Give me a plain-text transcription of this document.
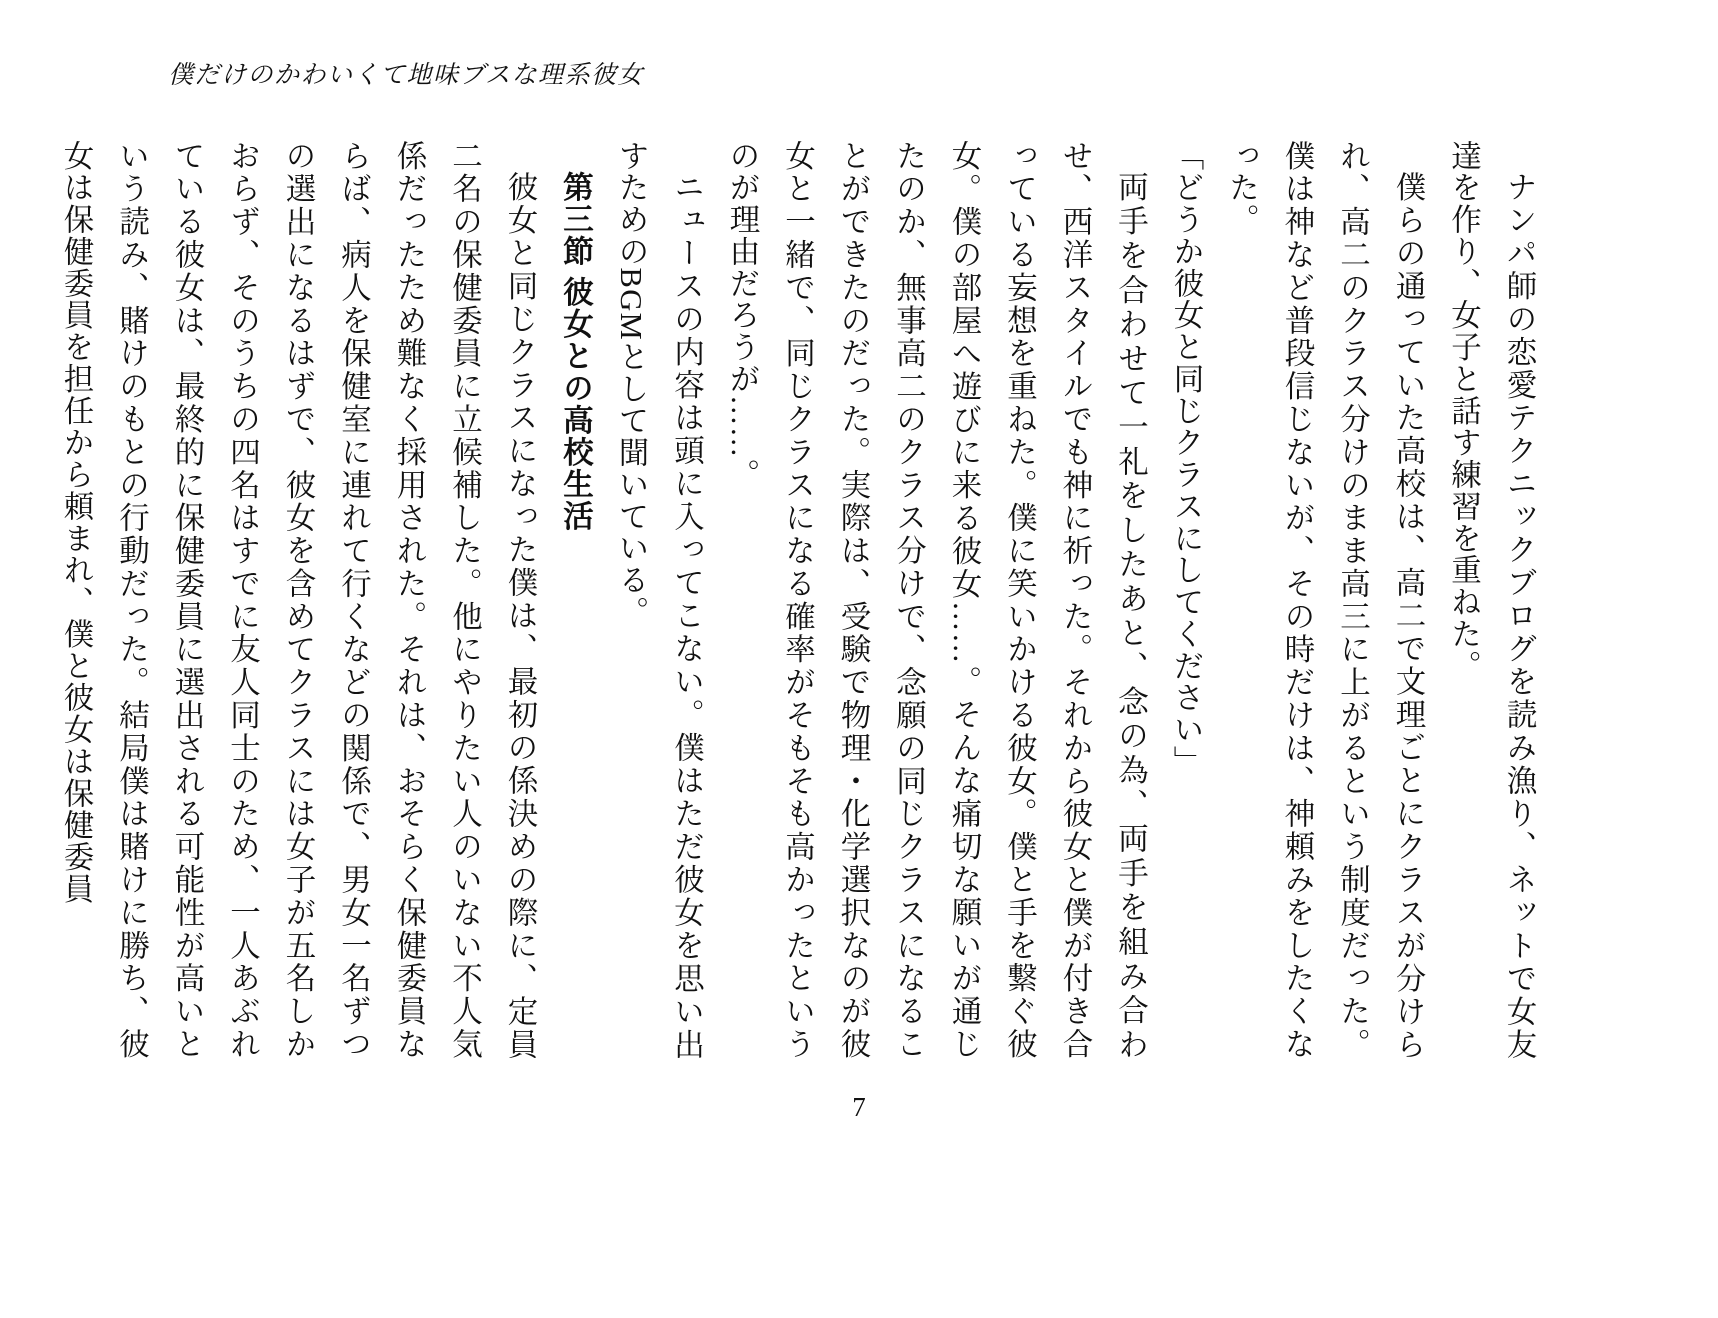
僕だけのかわいくて地味ブスな理系彼女

ナンパ師の恋愛テクニックブログを読み漁り、ネットで女友達を作り、女子と話す練習を重ねた。

僕らの通っていた高校は、高二で文理ごとにクラスが分けられ、高二のクラス分けのまま高三に上がるという制度だった。僕は神など普段信じないが、その時だけは、神頼みをしたくなった。

「どうか彼女と同じクラスにしてください」

両手を合わせて一礼をしたあと、念の為、両手を組み合わせ、西洋スタイルでも神に祈った。それから彼女と僕が付き合っている妄想を重ねた。僕に笑いかける彼女。僕と手を繋ぐ彼女。僕の部屋へ遊びに来る彼女……。そんな痛切な願いが通じたのか、無事高二のクラス分けで、念願の同じクラスになることができたのだった。実際は、受験で物理・化学選択なのが彼女と一緒で、同じクラスになる確率がそもそも高かったというのが理由だろうが……。

ニュースの内容は頭に入ってこない。僕はただ彼女を思い出すためのBGMとして聞いている。

第三節 彼女との高校生活

彼女と同じクラスになった僕は、最初の係決めの際に、定員二名の保健委員に立候補した。他にやりたい人のいない不人気係だったため難なく採用された。それは、おそらく保健委員ならば、病人を保健室に連れて行くなどの関係で、男女一名ずつの選出になるはずで、彼女を含めてクラスには女子が五名しかおらず、そのうちの四名はすでに友人同士のため、一人あぶれている彼女は、最終的に保健委員に選出される可能性が高いという読み、賭けのもとの行動だった。結局僕は賭けに勝ち、彼女は保健委員を担任から頼まれ、僕と彼女は保健委員

7
